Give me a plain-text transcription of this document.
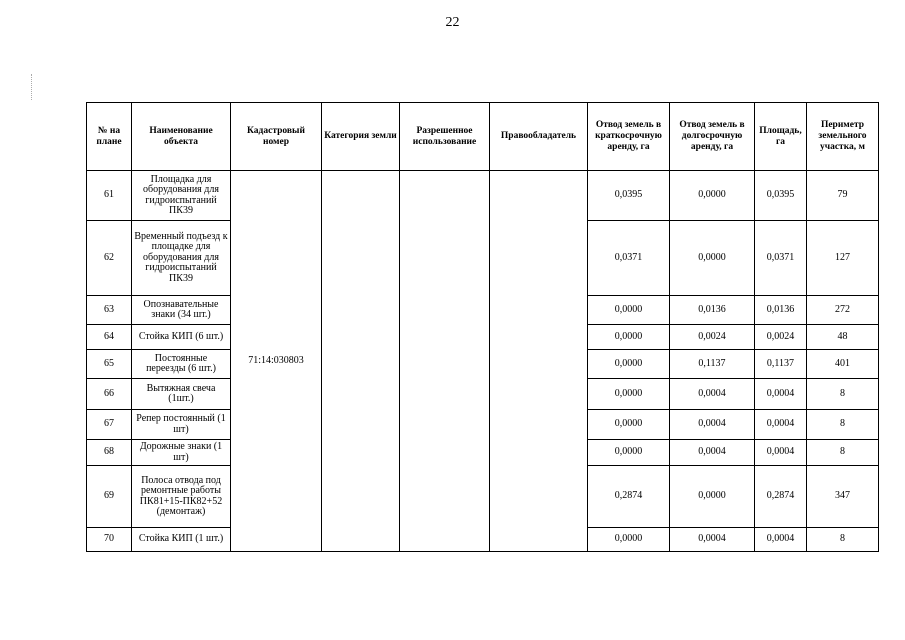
22
№ на плане	Наименование объекта	Кадастровый номер	Категория земли	Разрешенное использование	Правообладатель	Отвод земель в краткосрочную аренду, га	Отвод земель в долгосрочную аренду, га	Площадь, га	Периметр земельного участка, м
61	Площадка для оборудования для гидроиспытаний ПК39	71:14:030803				0,0395	0,0000	0,0395	79
62	Временный подъезд к площадке для оборудования для гидроиспытаний ПК39					0,0371	0,0000	0,0371	127
63	Опознавательные знаки (34 шт.)					0,0000	0,0136	0,0136	272
64	Стойка КИП (6 шт.)					0,0000	0,0024	0,0024	48
65	Постоянные переезды (6 шт.)					0,0000	0,1137	0,1137	401
66	Вытяжная свеча (1шт.)					0,0000	0,0004	0,0004	8
67	Репер постоянный (1 шт)					0,0000	0,0004	0,0004	8
68	Дорожные знаки (1 шт)					0,0000	0,0004	0,0004	8
69	Полоса отвода под ремонтные работы ПК81+15-ПК82+52 (демонтаж)					0,2874	0,0000	0,2874	347
70	Стойка КИП (1 шт.)					0,0000	0,0004	0,0004	8
